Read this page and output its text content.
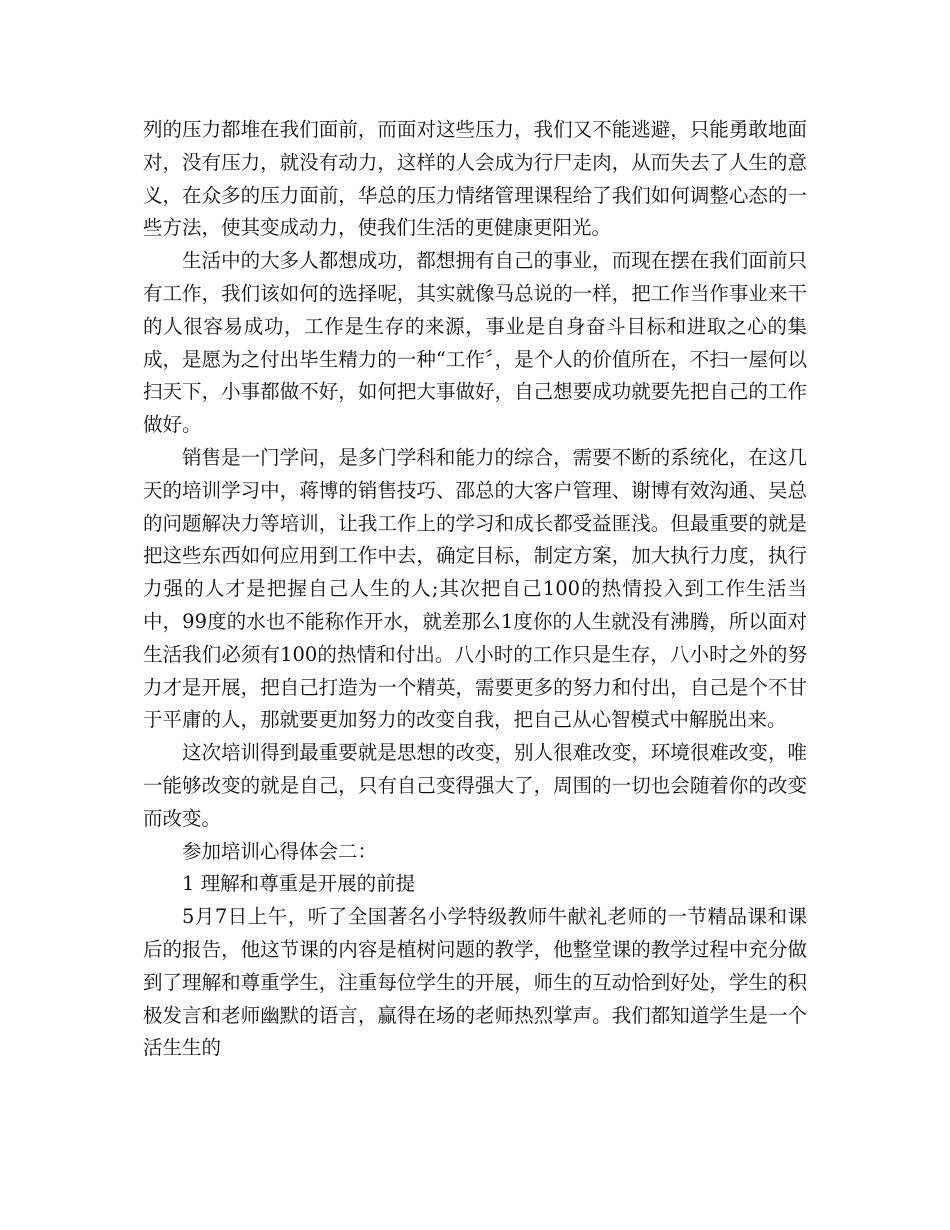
列的压力都堆在我们面前，而面对这些压力，我们又不能逃避，只能勇敢地面对，没有压力，就没有动力，这样的人会成为行尸走肉，从而失去了人生的意义，在众多的压力面前，华总的压力情绪管理课程给了我们如何调整心态的一些方法，使其变成动力，使我们生活的更健康更阳光。

生活中的大多人都想成功，都想拥有自己的事业，而现在摆在我们面前只有工作，我们该如何的选择呢，其实就像马总说的一样，把工作当作事业来干的人很容易成功，工作是生存的来源，事业是自身奋斗目标和进取之心的集成，是愿为之付出毕生精力的一种“工作〞，是个人的价值所在，不扫一屋何以扫天下，小事都做不好，如何把大事做好，自己想要成功就要先把自己的工作做好。

销售是一门学问，是多门学科和能力的综合，需要不断的系统化，在这几天的培训学习中，蒋博的销售技巧、邵总的大客户管理、谢博有效沟通、吴总的问题解决力等培训，让我工作上的学习和成长都受益匪浅。但最重要的就是把这些东西如何应用到工作中去，确定目标，制定方案，加大执行力度，执行力强的人才是把握自己人生的人;其次把自己100的热情投入到工作生活当中，99度的水也不能称作开水，就差那么1度你的人生就没有沸腾，所以面对生活我们必须有100的热情和付出。八小时的工作只是生存，八小时之外的努力才是开展，把自己打造为一个精英，需要更多的努力和付出，自己是个不甘于平庸的人，那就要更加努力的改变自我，把自己从心智模式中解脱出来。

这次培训得到最重要就是思想的改变，别人很难改变，环境很难改变，唯一能够改变的就是自己，只有自己变得强大了，周围的一切也会随着你的改变而改变。

参加培训心得体会二：

1 理解和尊重是开展的前提

5月7日上午，听了全国著名小学特级教师牛献礼老师的一节精品课和课后的报告，他这节课的内容是植树问题的教学，他整堂课的教学过程中充分做到了理解和尊重学生，注重每位学生的开展，师生的互动恰到好处，学生的积极发言和老师幽默的语言，赢得在场的老师热烈掌声。我们都知道学生是一个活生生的
